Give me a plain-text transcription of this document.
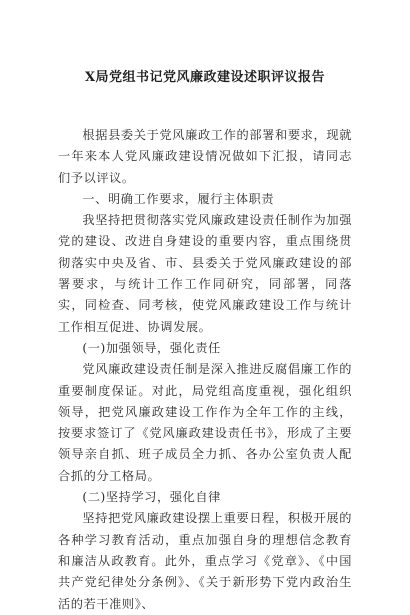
X局党组书记党风廉政建设述职评议报告

根据县委关于党风廉政工作的部署和要求，现就一年来本人党风廉政建设情况做如下汇报，请同志们予以评议。

一、明确工作要求，履行主体职责

我坚持把贯彻落实党风廉政建设责任制作为加强党的建设、改进自身建设的重要内容，重点围绕贯彻落实中央及省、市、县委关于党风廉政建设的部署要求，与统计工作工作同研究，同部署，同落实，同检查、同考核，使党风廉政建设工作与统计工作相互促进、协调发展。

(一)加强领导，强化责任

党风廉政建设责任制是深入推进反腐倡廉工作的重要制度保证。对此，局党组高度重视，强化组织领导，把党风廉政建设工作作为全年工作的主线，按要求签订了《党风廉政建设责任书》，形成了主要领导亲自抓、班子成员全力抓、各办公室负责人配合抓的分工格局。

(二)坚持学习，强化自律

坚持把党风廉政建设摆上重要日程，积极开展的各种学习教育活动，重点加强自身的理想信念教育和廉洁从政教育。此外，重点学习《党章》、《中国共产党纪律处分条例》、《关于新形势下党内政治生活的若干准则》、
